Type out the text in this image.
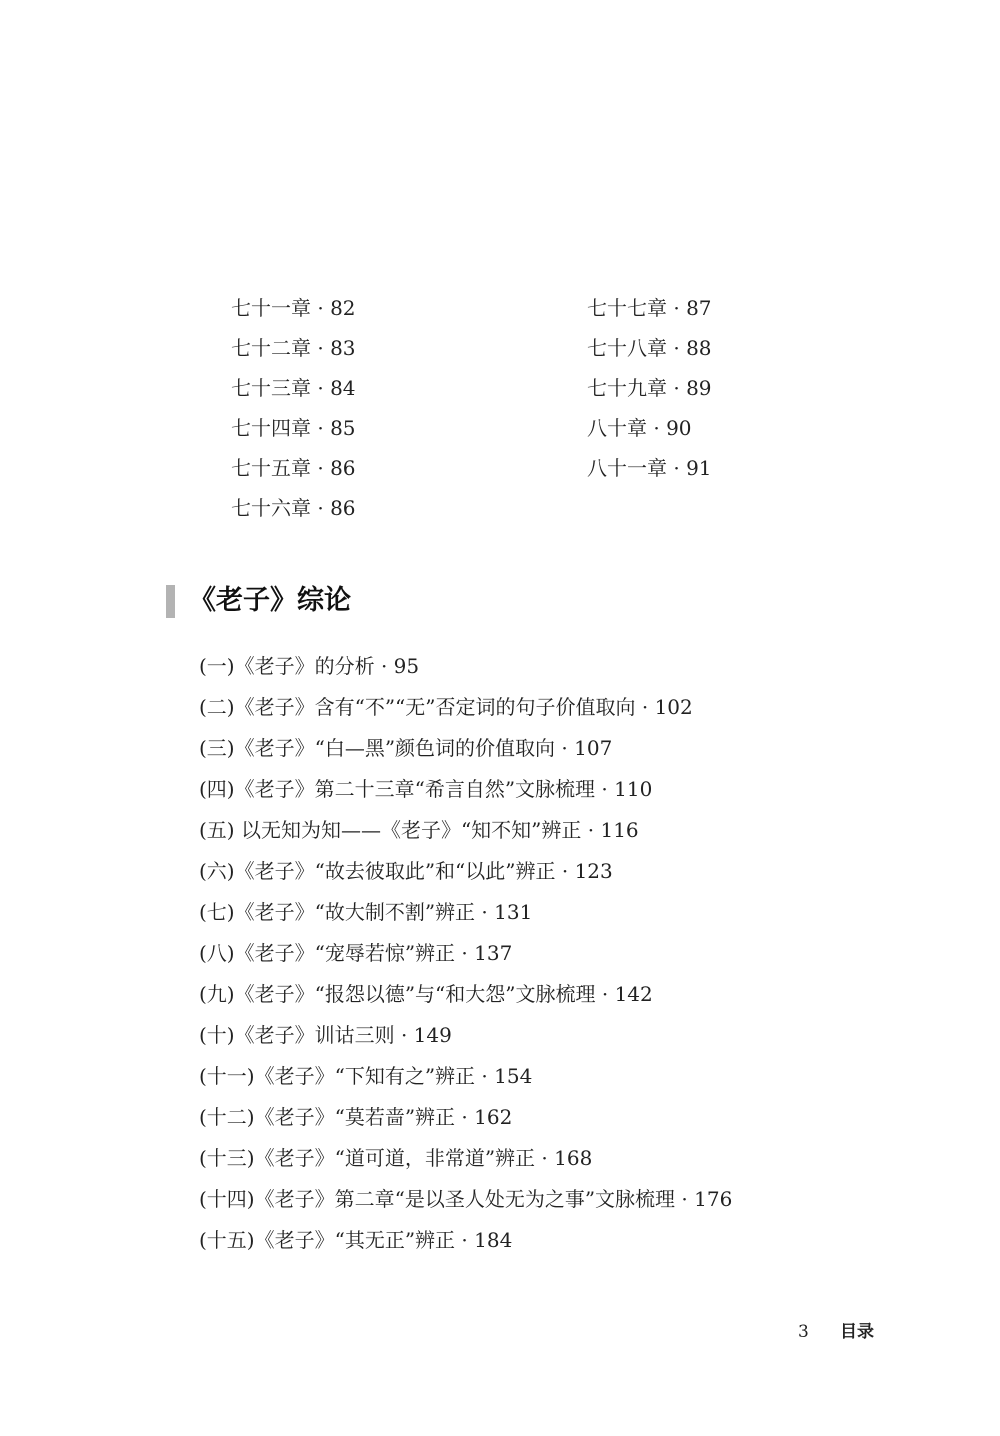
七十一章 · 82
七十二章 · 83
七十三章 · 84
七十四章 · 85
七十五章 · 86
七十六章 · 86
七十七章 · 87
七十八章 · 88
七十九章 · 89
八十章 · 90
八十一章 · 91
《老子》综论
(一)《老子》的分析 · 95
(二)《老子》含有“不”“无”否定词的句子价值取向 · 102
(三)《老子》“白—黑”颜色词的价值取向 · 107
(四)《老子》第二十三章“希言自然”文脉梳理 · 110
(五) 以无知为知——《老子》“知不知”辨正 · 116
(六)《老子》“故去彼取此”和“以此”辨正 · 123
(七)《老子》“故大制不割”辨正 · 131
(八)《老子》“宠辱若惊”辨正 · 137
(九)《老子》“报怨以德”与“和大怨”文脉梳理 · 142
(十)《老子》训诂三则 · 149
(十一)《老子》“下知有之”辨正 · 154
(十二)《老子》“莫若啬”辨正 · 162
(十三)《老子》“道可道，非常道”辨正 · 168
(十四)《老子》第二章“是以圣人处无为之事”文脉梳理 · 176
(十五)《老子》“其无正”辨正 · 184
3 目录
